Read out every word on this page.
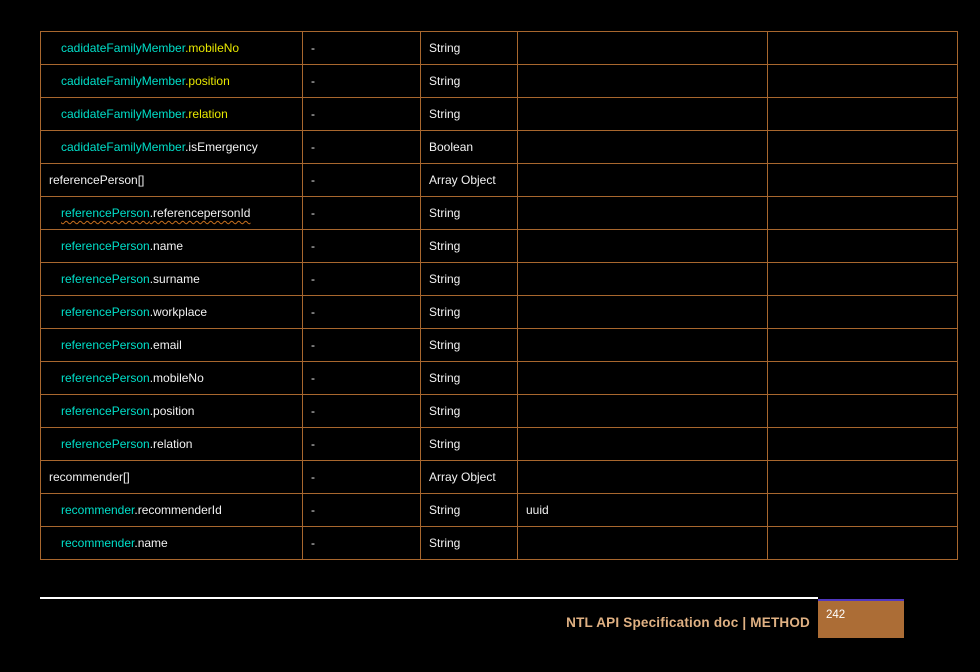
cadidateFamilyMember.mobileNo	-	String		
cadidateFamilyMember.position	-	String		
cadidateFamilyMember.relation	-	String		
cadidateFamilyMember.isEmergency	-	Boolean		
referencePerson[]	-	Array Object		
referencePerson.referencepersonId	-	String		
referencePerson.name	-	String		
referencePerson.surname	-	String		
referencePerson.workplace	-	String		
referencePerson.email	-	String		
referencePerson.mobileNo	-	String		
referencePerson.position	-	String		
referencePerson.relation	-	String		
recommender[]	-	Array Object		
recommender.recommenderId	-	String	uuid	
recommender.name	-	String		
NTL API Specification doc | METHOD	242
